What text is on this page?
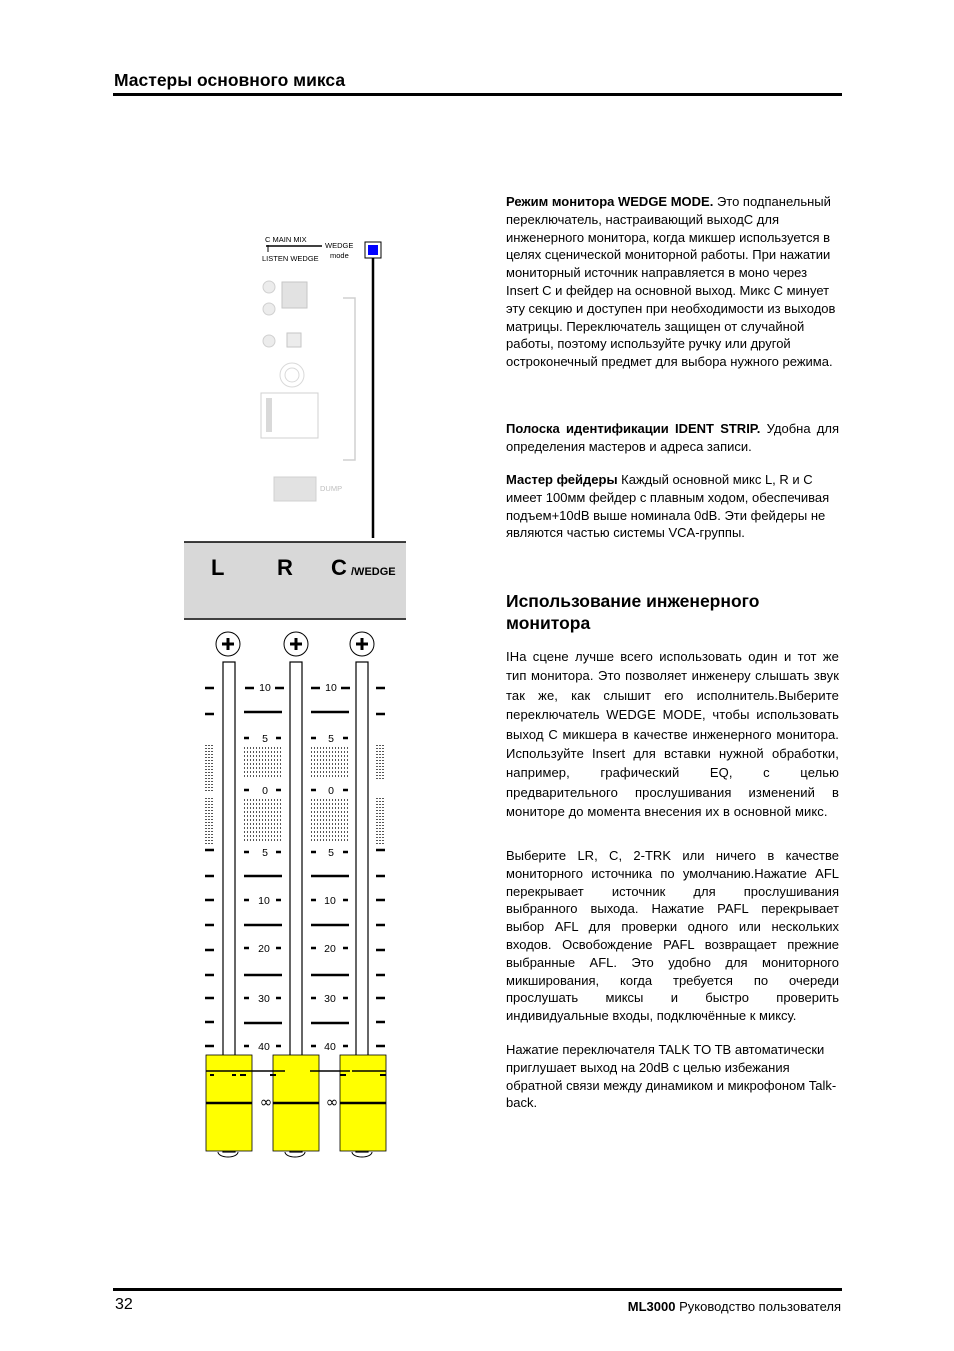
Мастеры основного микса
C MAIN MIX
LISTEN WEDGE
WEDGE
mode
DUMP
L R C /WEDGE
10
5
0
5
10
20
30
40
10
5
0
5
10
20
30
40
∞	∞

Режим монитора WEDGE MODE. Это подпанельный переключатель, настраивающий выходС для инженерного монитора, когда микшер используется в целях сценической мониторной работы. При нажатии мониторный источник направляется в моно через Insert C и фейдер на основной выход. Микс C минует эту секцию и доступен при необходимости из выходов матрицы. Переключатель защищен от случайной работы, поэтому используйте ручку или другой остроконечный предмет для выбора нужного режима.

Полоска идентификации IDENT STRIP. Удобна для определения мастеров и адреса записи.

Мастер фейдеры Каждый основной микс L, R и C имеет 100мм фейдер с плавным ходом, обеспечивая подъем+10dB выше номинала 0dB. Эти фейдеры не являются частью системы VCA-группы.

Использование инженерного монитора
IНа сцене лучше всего использовать один и тот же тип монитора. Это позволяет инженеру слышать звук так же, как слышит его исполнитель.Выберите переключатель WEDGE MODE, чтобы использовать выход C микшера в качестве инженерного монитора. Используйте Insert для вставки нужной обработки, например, графический EQ, с целью предварительного прослушивания изменений в мониторе до момента внесения их в основной микс.
Выберите LR, C, 2-TRK или ничего в качестве мониторного источника по умолчанию.Нажатие AFL перекрывает источник для прослушивания выбранного выхода. Нажатие PAFL перекрывает выбор AFL для проверки одного или нескольких входов. Освобождение PAFL возвращает прежние выбранные AFL. Это удобно для мониторного микширования, когда требуется по очереди прослушать миксы и быстро проверить индивидуальные входы, подключённые к миксу.
Нажатие переключателя TALK TO TB автоматически приглушает выход на 20dB с целью избежания обратной связи между динамиком и микрофоном Talk-back.
32	ML3000 Руководство пользователя
